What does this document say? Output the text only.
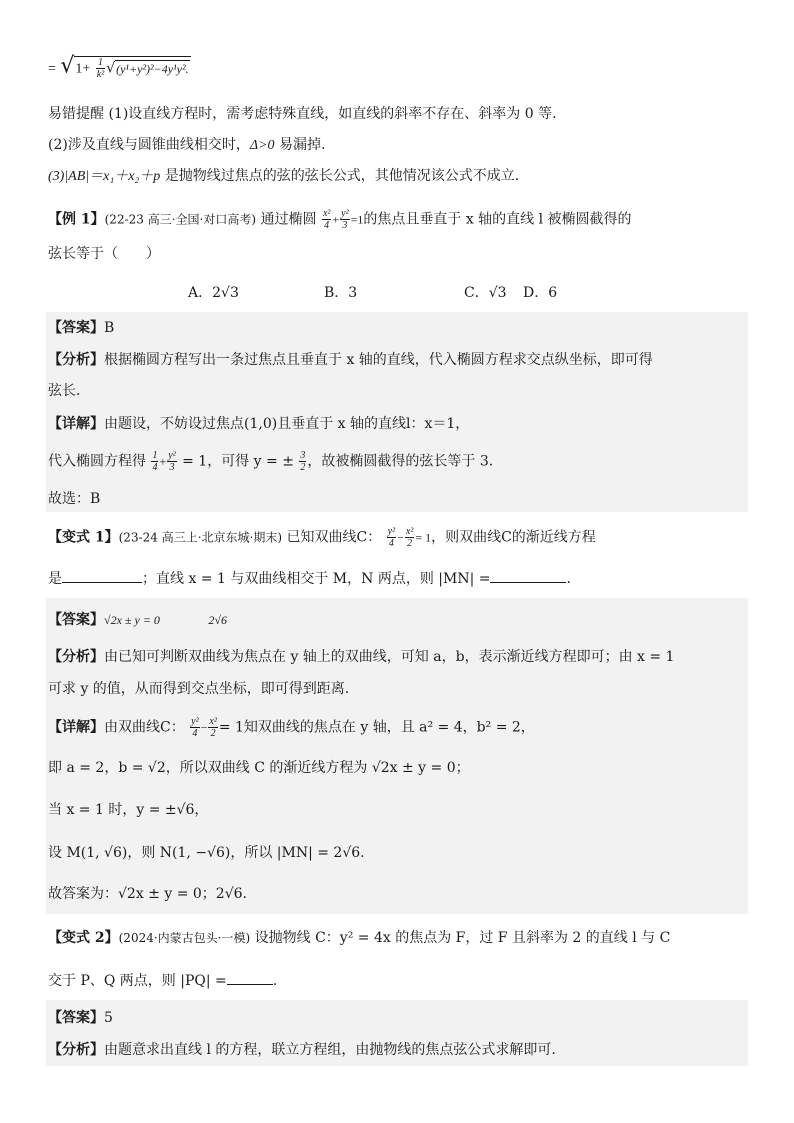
= $√1+ \frac{1}{\text{k²}} √(y^1+y^2)^2-4y^1y^2$.
易错提醒 (1)设直线方程时，需考虑特殊直线，如直线的斜率不存在、斜率为 0 等.
(2)涉及直线与圆锥曲线相交时，Δ>0 易漏掉.
(3)|AB|＝x₁＋x₂＋p 是抛物线过焦点的弦的弦长公式，其他情况该公式不成立.
【例 1】(22-23 高三·全国·对口高考) 通过椭圆 $\frac{\text{x²}}{4} + \frac{\text{y²}}{3} =1$的焦点且垂直于 x 轴的直线 l 被椭圆截得的
弦长等于（　　）
A．2√3	B．3	C．√3 D．6
【答案】B
【分析】根据椭圆方程写出一条过焦点且垂直于 x 轴的直线，代入椭圆方程求交点纵坐标，即可得
弦长.
【详解】由题设，不妨设过焦点(1,0)且垂直于 x 轴的直线l：x＝1，
代入椭圆方程得 $\frac{1}{4} + \frac{\text{y²}}{3} = 1$，可得 y = ± $\frac{3}{2}$ ，故被椭圆截得的弦长等于 3.
故选：B
【变式 1】(23-24 高三上·北京东城·期末) 已知双曲线C： $\frac{\text{y²}}{4} - \frac{\text{x²}}{2} = 1$，则双曲线C的渐近线方程
是	；直线 x = 1 与双曲线相交于 M，N 两点，则 |MN| =	.
【答案】√2x ± y = 0	2√6
【分析】由已知可判断双曲线为焦点在 y 轴上的双曲线，可知 a，b，表示渐近线方程即可；由 x = 1
可求 y 的值，从而得到交点坐标，即可得到距离.
【详解】由双曲线C： $\frac{\text{y²}}{4} - \frac{\text{x²}}{2} = 1$知双曲线的焦点在 y 轴，且 a² = 4，b² = 2，
即 a = 2，b = √2，所以双曲线 C 的渐近线方程为 √2x ± y = 0；
当 x = 1 时，y = ±√6，
设 M(1, √6)，则 N(1, −√6)，所以 |MN| = 2√6.
故答案为：√2x ± y = 0；2√6.
【变式 2】(2024·内蒙古包头·一模) 设抛物线 C：y² = 4x 的焦点为 F，过 F 且斜率为 2 的直线 l 与 C
交于 P、Q 两点，则 |PQ| =	.
【答案】5
【分析】由题意求出直线 l 的方程，联立方程组，由抛物线的焦点弦公式求解即可.
